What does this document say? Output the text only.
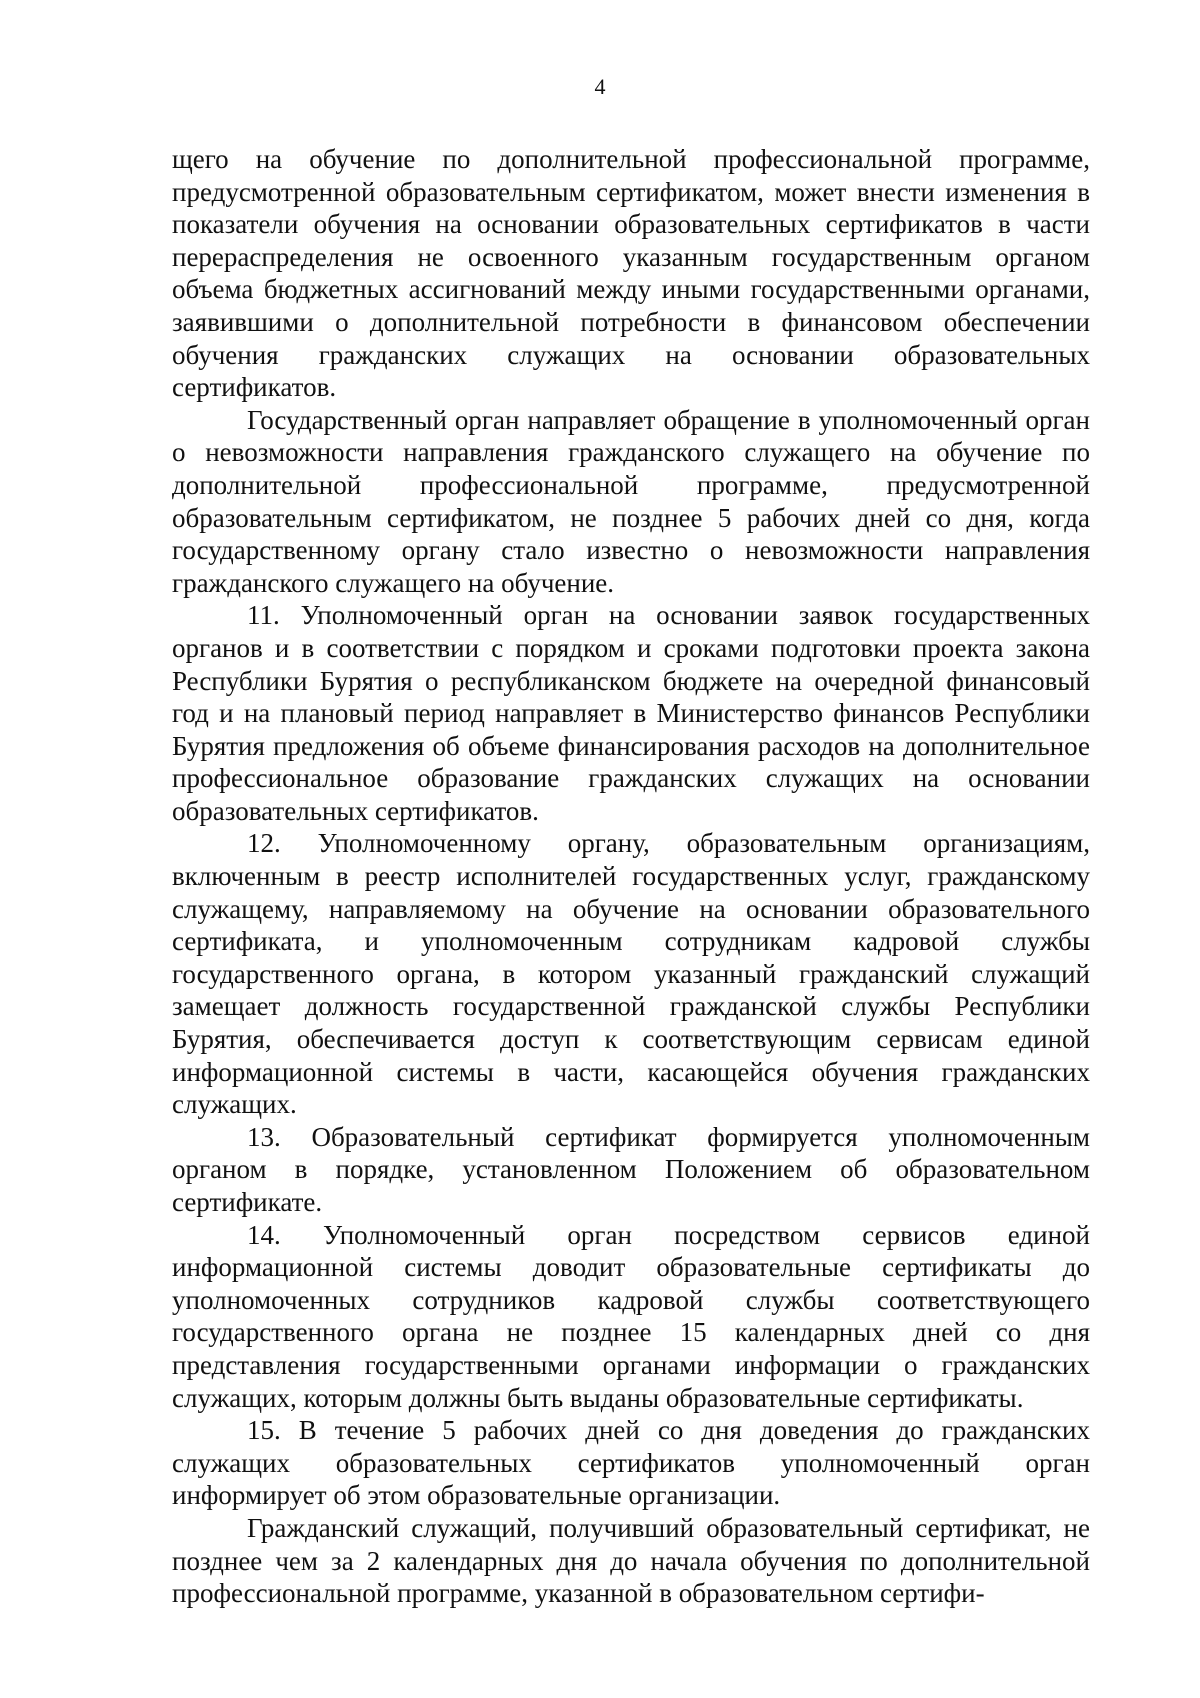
4

щего на обучение по дополнительной профессиональной программе, предусмотренной образовательным сертификатом, может внести изменения в показатели обучения на основании образовательных сертификатов в части перераспределения не освоенного указанным государственным органом объема бюджетных ассигнований между иными государственными органами, заявившими о дополнительной потребности в финансовом обеспечении обучения гражданских служащих на основании образовательных сертификатов.

Государственный орган направляет обращение в уполномоченный орган о невозможности направления гражданского служащего на обучение по дополнительной профессиональной программе, предусмотренной образовательным сертификатом, не позднее 5 рабочих дней со дня, когда государственному органу стало известно о невозможности направления гражданского служащего на обучение.

11. Уполномоченный орган на основании заявок государственных органов и в соответствии с порядком и сроками подготовки проекта закона Республики Бурятия о республиканском бюджете на очередной финансовый год и на плановый период направляет в Министерство финансов Республики Бурятия предложения об объеме финансирования расходов на дополнительное профессиональное образование гражданских служащих на основании образовательных сертификатов.

12. Уполномоченному органу, образовательным организациям, включенным в реестр исполнителей государственных услуг, гражданскому служащему, направляемому на обучение на основании образовательного сертификата, и уполномоченным сотрудникам кадровой службы государственного органа, в котором указанный гражданский служащий замещает должность государственной гражданской службы Республики Бурятия, обеспечивается доступ к соответствующим сервисам единой информационной системы в части, касающейся обучения гражданских служащих.

13. Образовательный сертификат формируется уполномоченным органом в порядке, установленном Положением об образовательном сертификате.

14. Уполномоченный орган посредством сервисов единой информационной системы доводит образовательные сертификаты до уполномоченных сотрудников кадровой службы соответствующего государственного органа не позднее 15 календарных дней со дня представления государственными органами информации о гражданских служащих, которым должны быть выданы образовательные сертификаты.

15. В течение 5 рабочих дней со дня доведения до гражданских служащих образовательных сертификатов уполномоченный орган информирует об этом образовательные организации.

Гражданский служащий, получивший образовательный сертификат, не позднее чем за 2 календарных дня до начала обучения по дополнительной профессиональной программе, указанной в образовательном сертифи-
